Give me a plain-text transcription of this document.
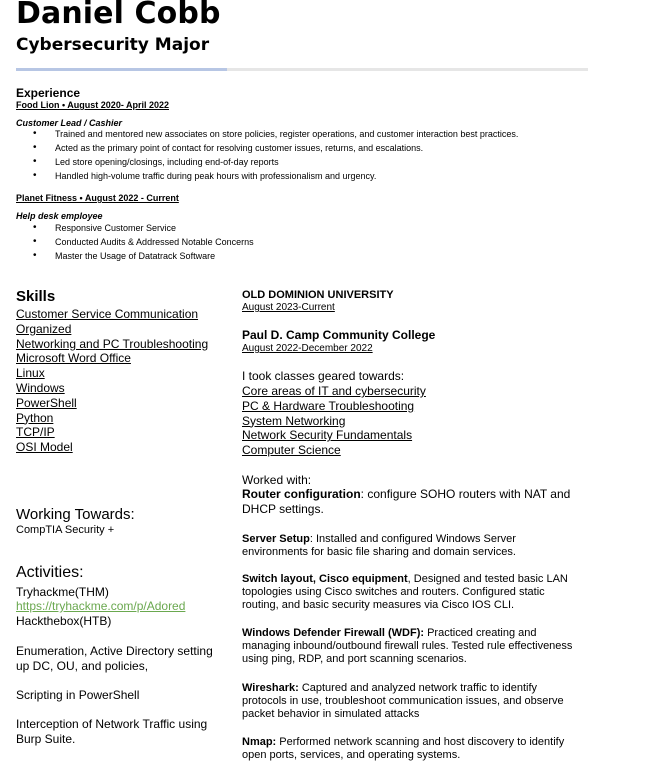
Daniel Cobb
Cybersecurity Major
Experience
Food Lion • August 2020- April 2022
Customer Lead / Cashier
• Trained and mentored new associates on store policies, register operations, and customer interaction best practices.
• Acted as the primary point of contact for resolving customer issues, returns, and escalations.
• Led store opening/closings, including end-of-day reports
• Handled high-volume traffic during peak hours with professionalism and urgency.
Planet Fitness • August 2022 - Current
Help desk employee
• Responsive Customer Service
• Conducted Audits & Addressed Notable Concerns
• Master the Usage of Datatrack Software
Skills
Customer Service Communication
Organized
Networking and PC Troubleshooting
Microsoft Word Office
Linux
Windows
PowerShell
Python
TCP/IP
OSI Model
Working Towards:
CompTIA Security +
Activities:
Tryhackme(THM)
https://tryhackme.com/p/Adored
Hackthebox(HTB)
Enumeration, Active Directory setting
up DC, OU, and policies,
Scripting in PowerShell
Interception of Network Traffic using
Burp Suite.
OLD DOMINION UNIVERSITY
August 2023-Current
Paul D. Camp Community College
August 2022-December 2022
I took classes geared towards:
Core areas of IT and cybersecurity
PC & Hardware Troubleshooting
System Networking
Network Security Fundamentals
Computer Science
Worked with:
Router configuration: configure SOHO routers with NAT and
DHCP settings.
Server Setup: Installed and configured Windows Server
environments for basic file sharing and domain services.
Switch layout, Cisco equipment, Designed and tested basic LAN
topologies using Cisco switches and routers. Configured static
routing, and basic security measures via Cisco IOS CLI.
Windows Defender Firewall (WDF): Practiced creating and
managing inbound/outbound firewall rules. Tested rule effectiveness
using ping, RDP, and port scanning scenarios.
Wireshark: Captured and analyzed network traffic to identify
protocols in use, troubleshoot communication issues, and observe
packet behavior in simulated attacks
Nmap: Performed network scanning and host discovery to identify
open ports, services, and operating systems.
